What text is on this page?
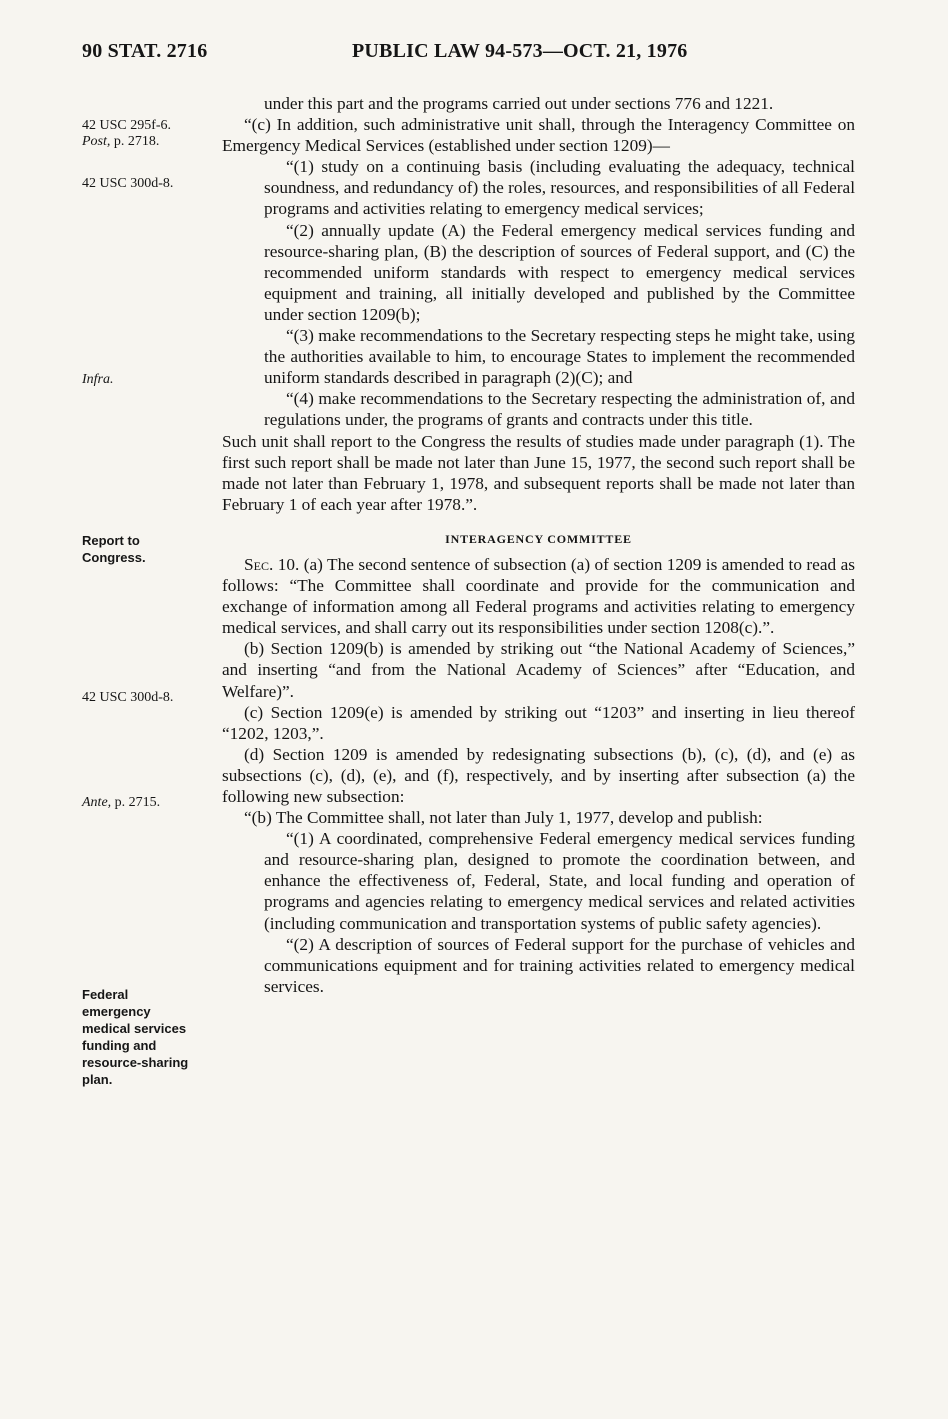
90 STAT. 2716	PUBLIC LAW 94-573—OCT. 21, 1976
42 USC 295f-6.
Post, p. 2718.
42 USC 300d-8.
Infra.
Report to
Congress.
42 USC 300d-8.
Ante, p. 2715.
Federal
emergency
medical services
funding and
resource-sharing
plan.

under this part and the programs carried out under sections 776 and 1221.

“(c) In addition, such administrative unit shall, through the Interagency Committee on Emergency Medical Services (established under section 1209)—

“(1) study on a continuing basis (including evaluating the adequacy, technical soundness, and redundancy of) the roles, resources, and responsibilities of all Federal programs and activities relating to emergency medical services;

“(2) annually update (A) the Federal emergency medical services funding and resource-sharing plan, (B) the description of sources of Federal support, and (C) the recommended uniform standards with respect to emergency medical services equipment and training, all initially developed and published by the Committee under section 1209(b);

“(3) make recommendations to the Secretary respecting steps he might take, using the authorities available to him, to encourage States to implement the recommended uniform standards described in paragraph (2)(C); and

“(4) make recommendations to the Secretary respecting the administration of, and regulations under, the programs of grants and contracts under this title.

Such unit shall report to the Congress the results of studies made under paragraph (1). The first such report shall be made not later than June 15, 1977, the second such report shall be made not later than February 1, 1978, and subsequent reports shall be made not later than February 1 of each year after 1978.”.

INTERAGENCY COMMITTEE

Sec. 10. (a) The second sentence of subsection (a) of section 1209 is amended to read as follows: “The Committee shall coordinate and provide for the communication and exchange of information among all Federal programs and activities relating to emergency medical services, and shall carry out its responsibilities under section 1208(c).”.

(b) Section 1209(b) is amended by striking out “the National Academy of Sciences,” and inserting “and from the National Academy of Sciences” after “Education, and Welfare)”.

(c) Section 1209(e) is amended by striking out “1203” and inserting in lieu thereof “1202, 1203,”.

(d) Section 1209 is amended by redesignating subsections (b), (c), (d), and (e) as subsections (c), (d), (e), and (f), respectively, and by inserting after subsection (a) the following new subsection:

“(b) The Committee shall, not later than July 1, 1977, develop and publish:

“(1) A coordinated, comprehensive Federal emergency medical services funding and resource-sharing plan, designed to promote the coordination between, and enhance the effectiveness of, Federal, State, and local funding and operation of programs and agencies relating to emergency medical services and related activities (including communication and transportation systems of public safety agencies).

“(2) A description of sources of Federal support for the purchase of vehicles and communications equipment and for training activities related to emergency medical services.
